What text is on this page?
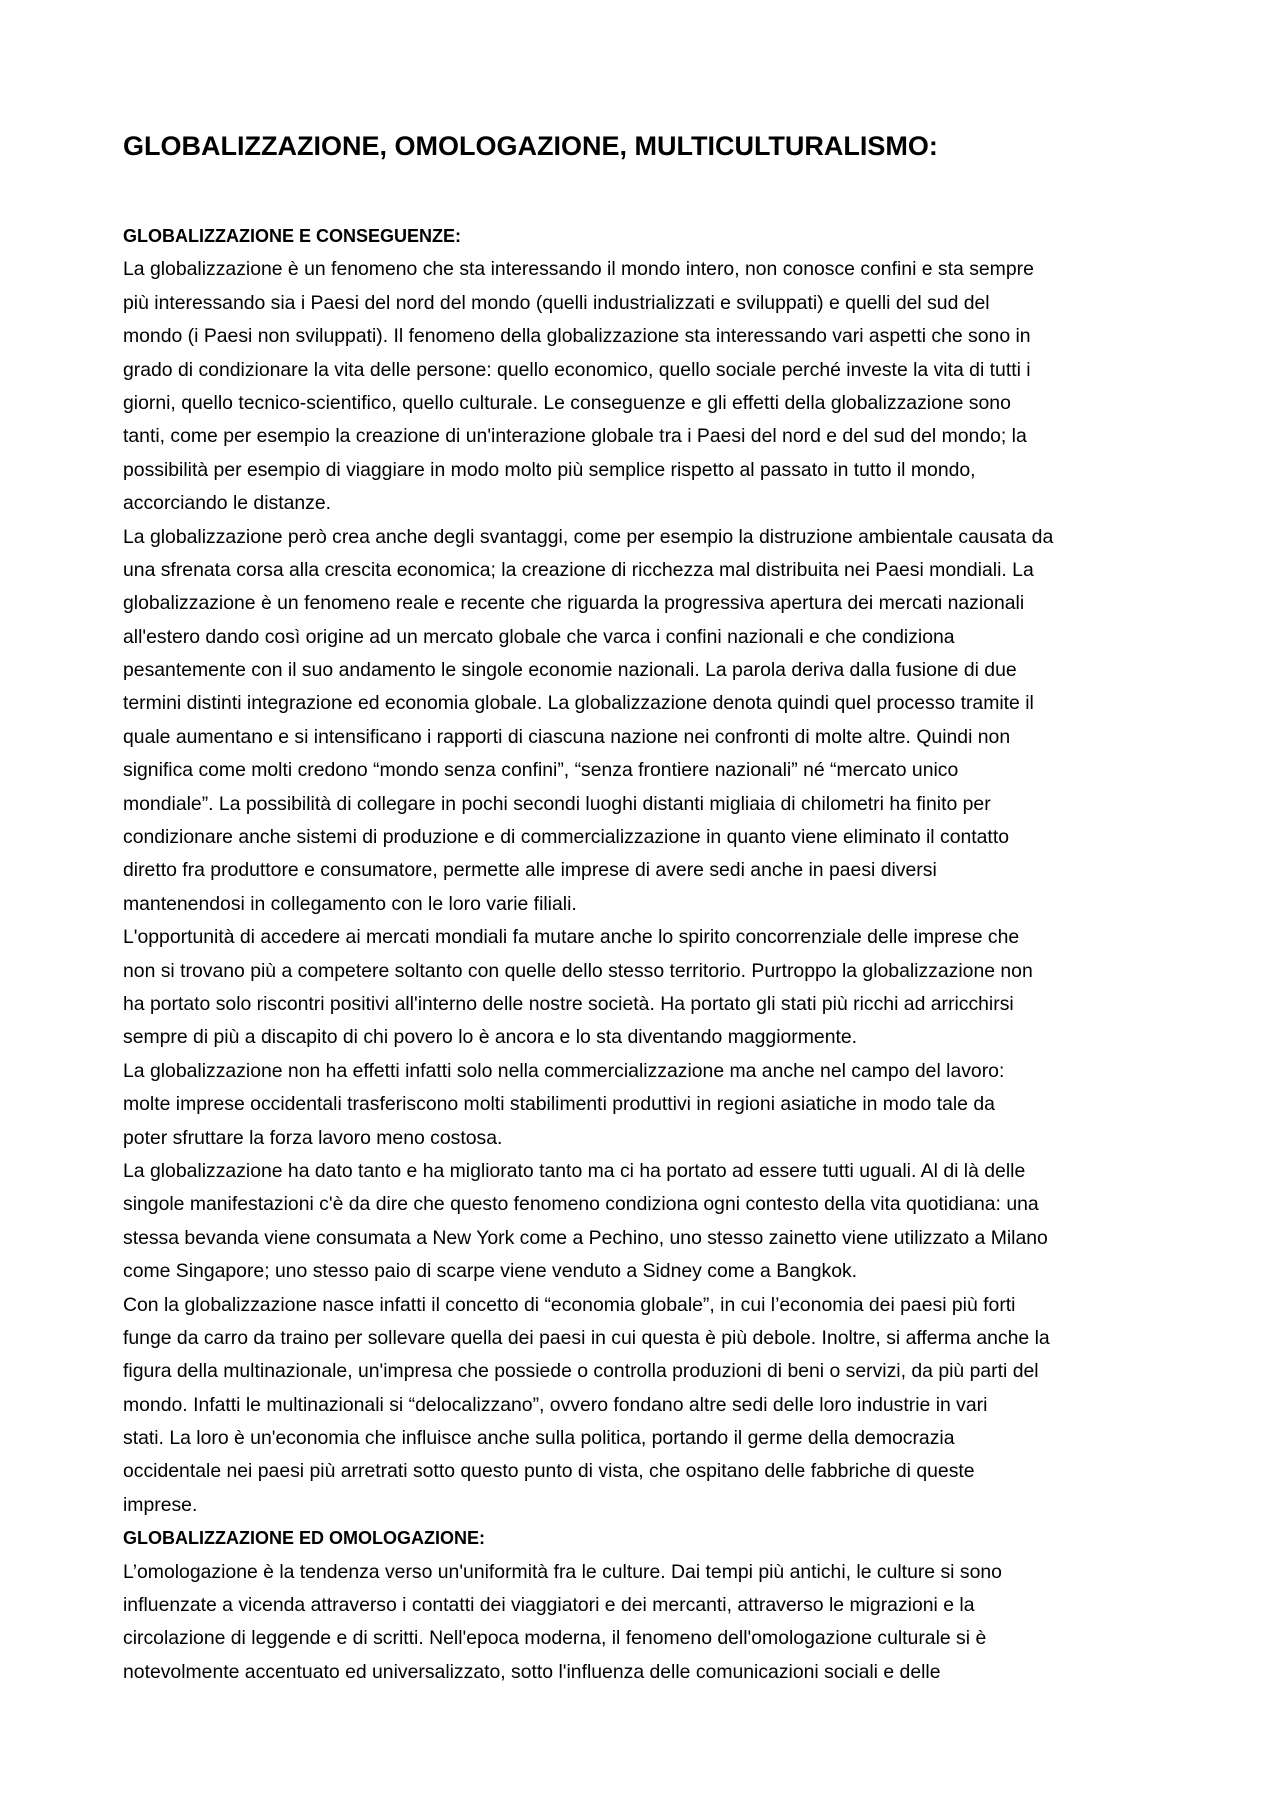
GLOBALIZZAZIONE, OMOLOGAZIONE, MULTICULTURALISMO:
GLOBALIZZAZIONE E CONSEGUENZE:
La globalizzazione è un fenomeno che sta interessando il mondo intero, non conosce confini e sta sempre
più interessando sia i Paesi del nord del mondo (quelli industrializzati e sviluppati) e quelli del sud del
mondo (i Paesi non sviluppati). Il fenomeno della globalizzazione sta interessando vari aspetti che sono in
grado di condizionare la vita delle persone: quello economico, quello sociale perché investe la vita di tutti i
giorni, quello tecnico-scientifico, quello culturale. Le conseguenze e gli effetti della globalizzazione sono
tanti, come per esempio la creazione di un'interazione globale tra i Paesi del nord e del sud del mondo; la
possibilità per esempio di viaggiare in modo molto più semplice rispetto al passato in tutto il mondo,
accorciando le distanze.
La globalizzazione però crea anche degli svantaggi, come per esempio la distruzione ambientale causata da
una sfrenata corsa alla crescita economica; la creazione di ricchezza mal distribuita nei Paesi mondiali. La
globalizzazione è un fenomeno reale e recente che riguarda la progressiva apertura dei mercati nazionali
all'estero dando così origine ad un mercato globale che varca i confini nazionali e che condiziona
pesantemente con il suo andamento le singole economie nazionali. La parola deriva dalla fusione di due
termini distinti integrazione ed economia globale. La globalizzazione denota quindi quel processo tramite il
quale aumentano e si intensificano i rapporti di ciascuna nazione nei confronti di molte altre. Quindi non
significa come molti credono “mondo senza confini”, “senza frontiere nazionali” né “mercato unico
mondiale”. La possibilità di collegare in pochi secondi luoghi distanti migliaia di chilometri ha finito per
condizionare anche sistemi di produzione e di commercializzazione in quanto viene eliminato il contatto
diretto fra produttore e consumatore, permette alle imprese di avere sedi anche in paesi diversi
mantenendosi in collegamento con le loro varie filiali.
L'opportunità di accedere ai mercati mondiali fa mutare anche lo spirito concorrenziale delle imprese che
non si trovano più a competere soltanto con quelle dello stesso territorio. Purtroppo la globalizzazione non
ha portato solo riscontri positivi all'interno delle nostre società. Ha portato gli stati più ricchi ad arricchirsi
sempre di più a discapito di chi povero lo è ancora e lo sta diventando maggiormente.
La globalizzazione non ha effetti infatti solo nella commercializzazione ma anche nel campo del lavoro:
molte imprese occidentali trasferiscono molti stabilimenti produttivi in regioni asiatiche in modo tale da
poter sfruttare la forza lavoro meno costosa.
La globalizzazione ha dato tanto e ha migliorato tanto ma ci ha portato ad essere tutti uguali. Al di là delle
singole manifestazioni c'è da dire che questo fenomeno condiziona ogni contesto della vita quotidiana: una
stessa bevanda viene consumata a New York come a Pechino, uno stesso zainetto viene utilizzato a Milano
come Singapore; uno stesso paio di scarpe viene venduto a Sidney come a Bangkok.
Con la globalizzazione nasce infatti il concetto di “economia globale”, in cui l’economia dei paesi più forti
funge da carro da traino per sollevare quella dei paesi in cui questa è più debole. Inoltre, si afferma anche la
figura della multinazionale, un'impresa che possiede o controlla produzioni di beni o servizi, da più parti del
mondo. Infatti le multinazionali si “delocalizzano”, ovvero fondano altre sedi delle loro industrie in vari
stati. La loro è un'economia che influisce anche sulla politica, portando il germe della democrazia
occidentale nei paesi più arretrati sotto questo punto di vista, che ospitano delle fabbriche di queste
imprese.
GLOBALIZZAZIONE ED OMOLOGAZIONE:
L’omologazione è la tendenza verso un'uniformità fra le culture. Dai tempi più antichi, le culture si sono
influenzate a vicenda attraverso i contatti dei viaggiatori e dei mercanti, attraverso le migrazioni e la
circolazione di leggende e di scritti. Nell'epoca moderna, il fenomeno dell'omologazione culturale si è
notevolmente accentuato ed universalizzato, sotto l'influenza delle comunicazioni sociali e delle
